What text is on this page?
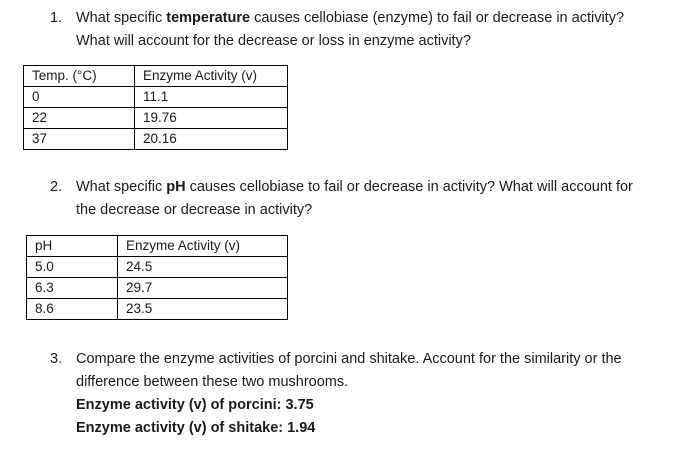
1. What specific temperature causes cellobiase (enzyme) to fail or decrease in activity?
What will account for the decrease or loss in enzyme activity?
Temp. (°C)	Enzyme Activity (v)
0	11.1
22	19.76
37	20.16
2. What specific pH causes cellobiase to fail or decrease in activity? What will account for
the decrease or decrease in activity?
pH	Enzyme Activity (v)
5.0	24.5
6.3	29.7
8.6	23.5
3. Compare the enzyme activities of porcini and shitake. Account for the similarity or the
difference between these two mushrooms.
Enzyme activity (v) of porcini: 3.75
Enzyme activity (v) of shitake: 1.94
